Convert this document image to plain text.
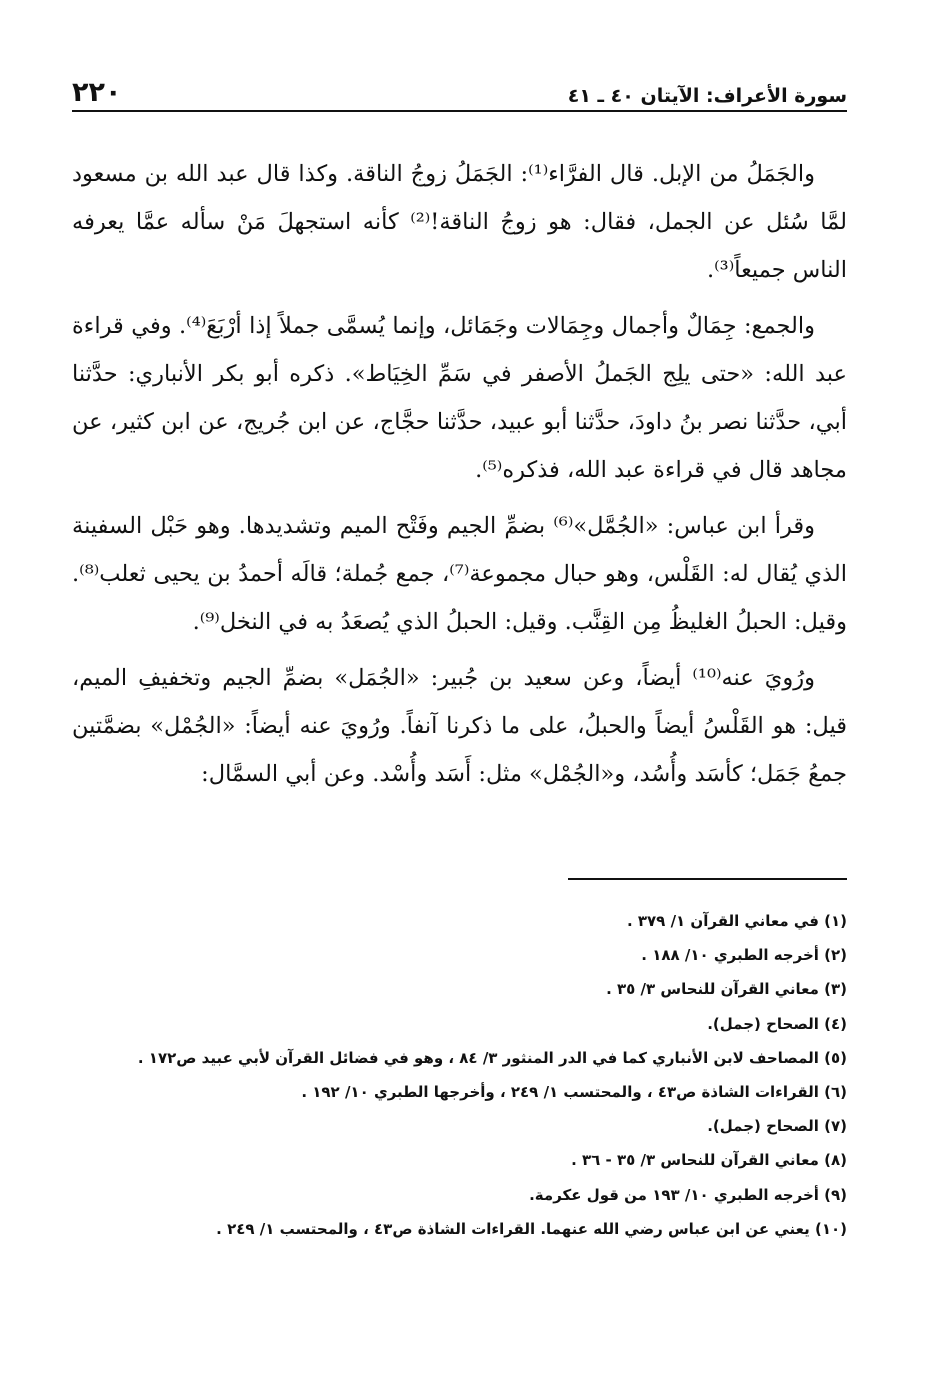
٢٢٠	سورة الأعراف: الآيتان ٤٠ ـ ٤١

والجَمَلُ من الإبل. قال الفرَّاء⁽¹⁾: الجَمَلُ زوجُ الناقة. وكذا قال عبد الله بن مسعود لمَّا سُئل عن الجمل، فقال: هو زوجُ الناقة!⁽²⁾ كأنه استجهلَ مَنْ سأله عمَّا يعرفه الناس جميعاً⁽³⁾.

والجمع: جِمَالٌ وأجمال وجِمَالات وجَمَائل، وإنما يُسمَّى جملاً إذا أرْبَعَ⁽⁴⁾. وفي قراءة عبد الله: «حتى يلِج الجَملُ الأصفر في سَمِّ الخِيَاط». ذكره أبو بكر الأنباري: حدَّثنا أبي، حدَّثنا نصر بنُ داودَ، حدَّثنا أبو عبيد، حدَّثنا حجَّاج، عن ابن جُريج، عن ابن كثير، عن مجاهد قال في قراءة عبد الله، فذكره⁽⁵⁾.

وقرأ ابن عباس: «الجُمَّل»⁽⁶⁾ بضمِّ الجيم وفَتْح الميم وتشديدها. وهو حَبْل السفينة الذي يُقال له: القَلْس، وهو حبال مجموعة⁽⁷⁾، جمع جُملة؛ قالَه أحمدُ بن يحيى ثعلب⁽⁸⁾. وقيل: الحبلُ الغليظُ مِن القِنَّب. وقيل: الحبلُ الذي يُصعَدُ به في النخل⁽⁹⁾.

ورُويَ عنه⁽¹⁰⁾ أيضاً، وعن سعيد بن جُبير: «الجُمَل» بضمِّ الجيم وتخفيفِ الميم، قيل: هو القَلْسُ أيضاً والحبلُ، على ما ذكرنا آنفاً. ورُويَ عنه أيضاً: «الجُمْل» بضمَّتين جمعُ جَمَل؛ كأسَد وأُسُد، و«الجُمْل» مثل: أَسَد وأُسْد. وعن أبي السمَّال:

(١) في معاني القرآن ١/ ٣٧٩ .
(٢) أخرجه الطبري ١٠/ ١٨٨ .
(٣) معاني القرآن للنحاس ٣/ ٣٥ .
(٤) الصحاح (جمل).
(٥) المصاحف لابن الأنباري كما في الدر المنثور ٣/ ٨٤ ، وهو في فضائل القرآن لأبي عبيد ص١٧٢ .
(٦) القراءات الشاذة ص٤٣ ، والمحتسب ١/ ٢٤٩ ، وأخرجها الطبري ١٠/ ١٩٢ .
(٧) الصحاح (جمل).
(٨) معاني القرآن للنحاس ٣/ ٣٥ - ٣٦ .
(٩) أخرجه الطبري ١٠/ ١٩٣ من قول عكرمة.
(١٠) يعني عن ابن عباس رضي الله عنهما. القراءات الشاذة ص٤٣ ، والمحتسب ١/ ٢٤٩ .
